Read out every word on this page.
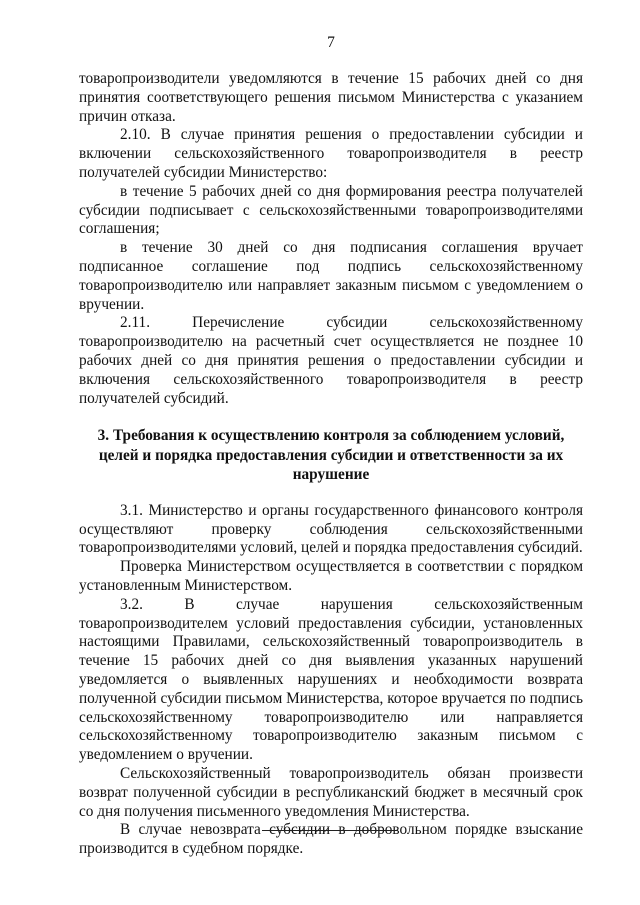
7

товаропроизводители уведомляются в течение 15 рабочих дней со дня принятия соответствующего решения письмом Министерства с указанием причин отказа.

2.10. В случае принятия решения о предоставлении субсидии и включении сельскохозяйственного товаропроизводителя в реестр получателей субсидии Министерство:

в течение 5 рабочих дней со дня формирования реестра получателей субсидии подписывает с сельскохозяйственными товаропроизводителями соглашения;

в течение 30 дней со дня подписания соглашения вручает подписанное соглашение под подпись сельскохозяйственному товаропроизводителю или направляет заказным письмом с уведомлением о вручении.

2.11. Перечисление субсидии сельскохозяйственному товаропроизводителю на расчетный счет осуществляется не позднее 10 рабочих дней со дня принятия решения о предоставлении субсидии и включения сельскохозяйственного товаропроизводителя в реестр получателей субсидий.

3. Требования к осуществлению контроля за соблюдением условий, целей и порядка предоставления субсидии и ответственности за их нарушение

3.1. Министерство и органы государственного финансового контроля осуществляют проверку соблюдения сельскохозяйственными товаропроизводителями условий, целей и порядка предоставления субсидий.

Проверка Министерством осуществляется в соответствии с порядком установленным Министерством.

3.2. В случае нарушения сельскохозяйственным товаропроизводителем условий предоставления субсидии, установленных настоящими Правилами, сельскохозяйственный товаропроизводитель в течение 15 рабочих дней со дня выявления указанных нарушений уведомляется о выявленных нарушениях и необходимости возврата полученной субсидии письмом Министерства, которое вручается по подпись сельскохозяйственному товаропроизводителю или направляется сельскохозяйственному товаропроизводителю заказным письмом с уведомлением о вручении.

Сельскохозяйственный товаропроизводитель обязан произвести возврат полученной субсидии в республиканский бюджет в месячный срок со дня получения письменного уведомления Министерства.

В случае невозврата субсидии в добровольном порядке взыскание производится в судебном порядке.
